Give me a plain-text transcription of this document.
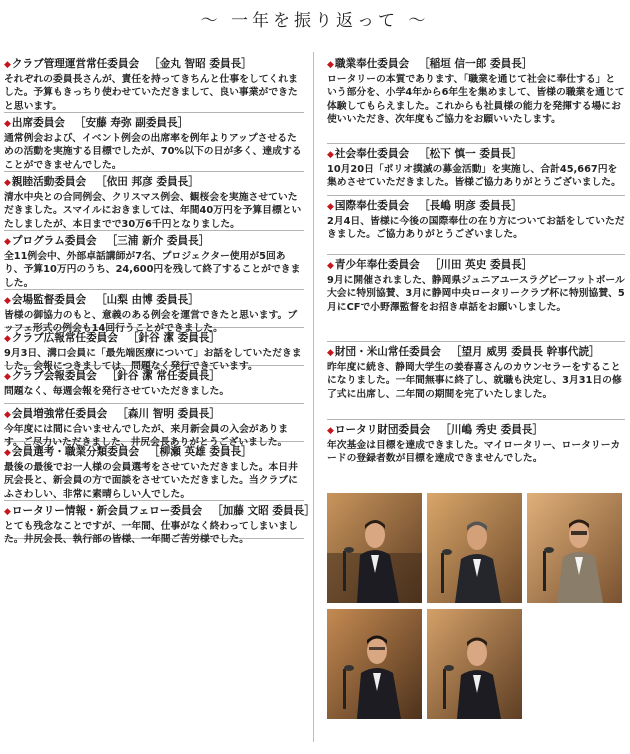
〜 一年を振り返って 〜
◆クラブ管理運営常任委員会 ［金丸 智昭 委員長］
それぞれの委員長さんが、責任を持ってきちんと仕事をしてくれました。予算もきっちり使わせていただきまして、良い事業ができたと思います。
◆出席委員会 ［安藤 寿弥 副委員長］
通常例会および、イベント例会の出席率を例年よりアップさせるための活動を実施する目標でしたが、70%以下の日が多く、達成することができませんでした。
◆親睦活動委員会 ［依田 邦彦 委員長］
清水中央との合同例会、クリスマス例会、観桜会を実施させていただきました。スマイルにおきましては、年間40万円を予算目標といたしましたが、本日までで30万6千円となりました。
◆プログラム委員会 ［三浦 新介 委員長］
全11例会中、外部卓話講師が7名、プロジェクター使用が5回あり、予算10万円のうち、24,600円を残して終了することができました。
◆会場監督委員会 ［山梨 由博 委員長］
皆様の御協力のもと、意義のある例会を運営できたと思います。ブッフェ形式の例会も14回行うことができました。
◆クラブ広報常任委員会 ［針谷 潔 委員長］
9月3日、溝口会員に「最先端医療について」お話をしていただきました。会報につきましては、問題なく発行できています。
◆クラブ会報委員会 ［針谷 潔 常任委員長］
問題なく、毎週会報を発行させていただきました。
◆会員増強常任委員会 ［森川 智明 委員長］
今年度には間に合いませんでしたが、来月新会員の入会があります。ご尽力いただきました、井尻会長ありがとうございました。
◆会員選考・職業分類委員会 ［柳瀬 英雄 委員長］
最後の最後でお一人様の会員選考をさせていただきました。本日井尻会長と、新会員の方で面談をさせていただきました。当クラブにふさわしい、非常に素晴らしい人でした。
◆ロータリー情報・新会員フェロー委員会 ［加藤 文昭 委員長］
とても残念なことですが、一年間、仕事がなく終わってしまいました。井尻会長、執行部の皆様、一年間ご苦労様でした。
◆職業奉仕委員会 ［稲垣 信一郎 委員長］
ロータリーの本質であります、「職業を通じて社会に奉仕する」という部分を、小学4年から6年生を集めまして、皆様の職業を通じて体験してもらえました。これからも社員様の能力を発揮する場にお使いいただき、次年度もご協力をお願いいたします。
◆社会奉仕委員会 ［松下 慎一 委員長］
10月20日「ポリオ撲滅の募金活動」を実施し、合計45,667円を集めさせていただきました。皆様ご協力ありがとうございました。
◆国際奉仕委員会 ［長嶋 明彦 委員長］
2月4日、皆様に今後の国際奉仕の在り方についてお話をしていただきました。ご協力ありがとうございました。
◆青少年奉仕委員会 ［川田 英史 委員長］
9月に開催されました、静岡県ジュニアユースラグビーフットボール大会に特別協賛、3月に静岡中央ロータリークラブ杯に特別協賛、5月にCFで小野澤監督をお招き卓話をお願いしました。
◆財団・米山常任委員会 ［望月 威男 委員長 幹事代読］
昨年度に続き、静岡大学生の姜春喜さんのカウンセラーをすることになりました。一年間無事に終了し、就職も決定し、3月31日の修了式に出席し、二年間の期間を完了いたしました。
◆ロータリ財団委員会 ［川嶋 秀史 委員長］
年次基金は目標を達成できました。マイロータリー、ロータリーカードの登録者数が目標を達成できませんでした。
